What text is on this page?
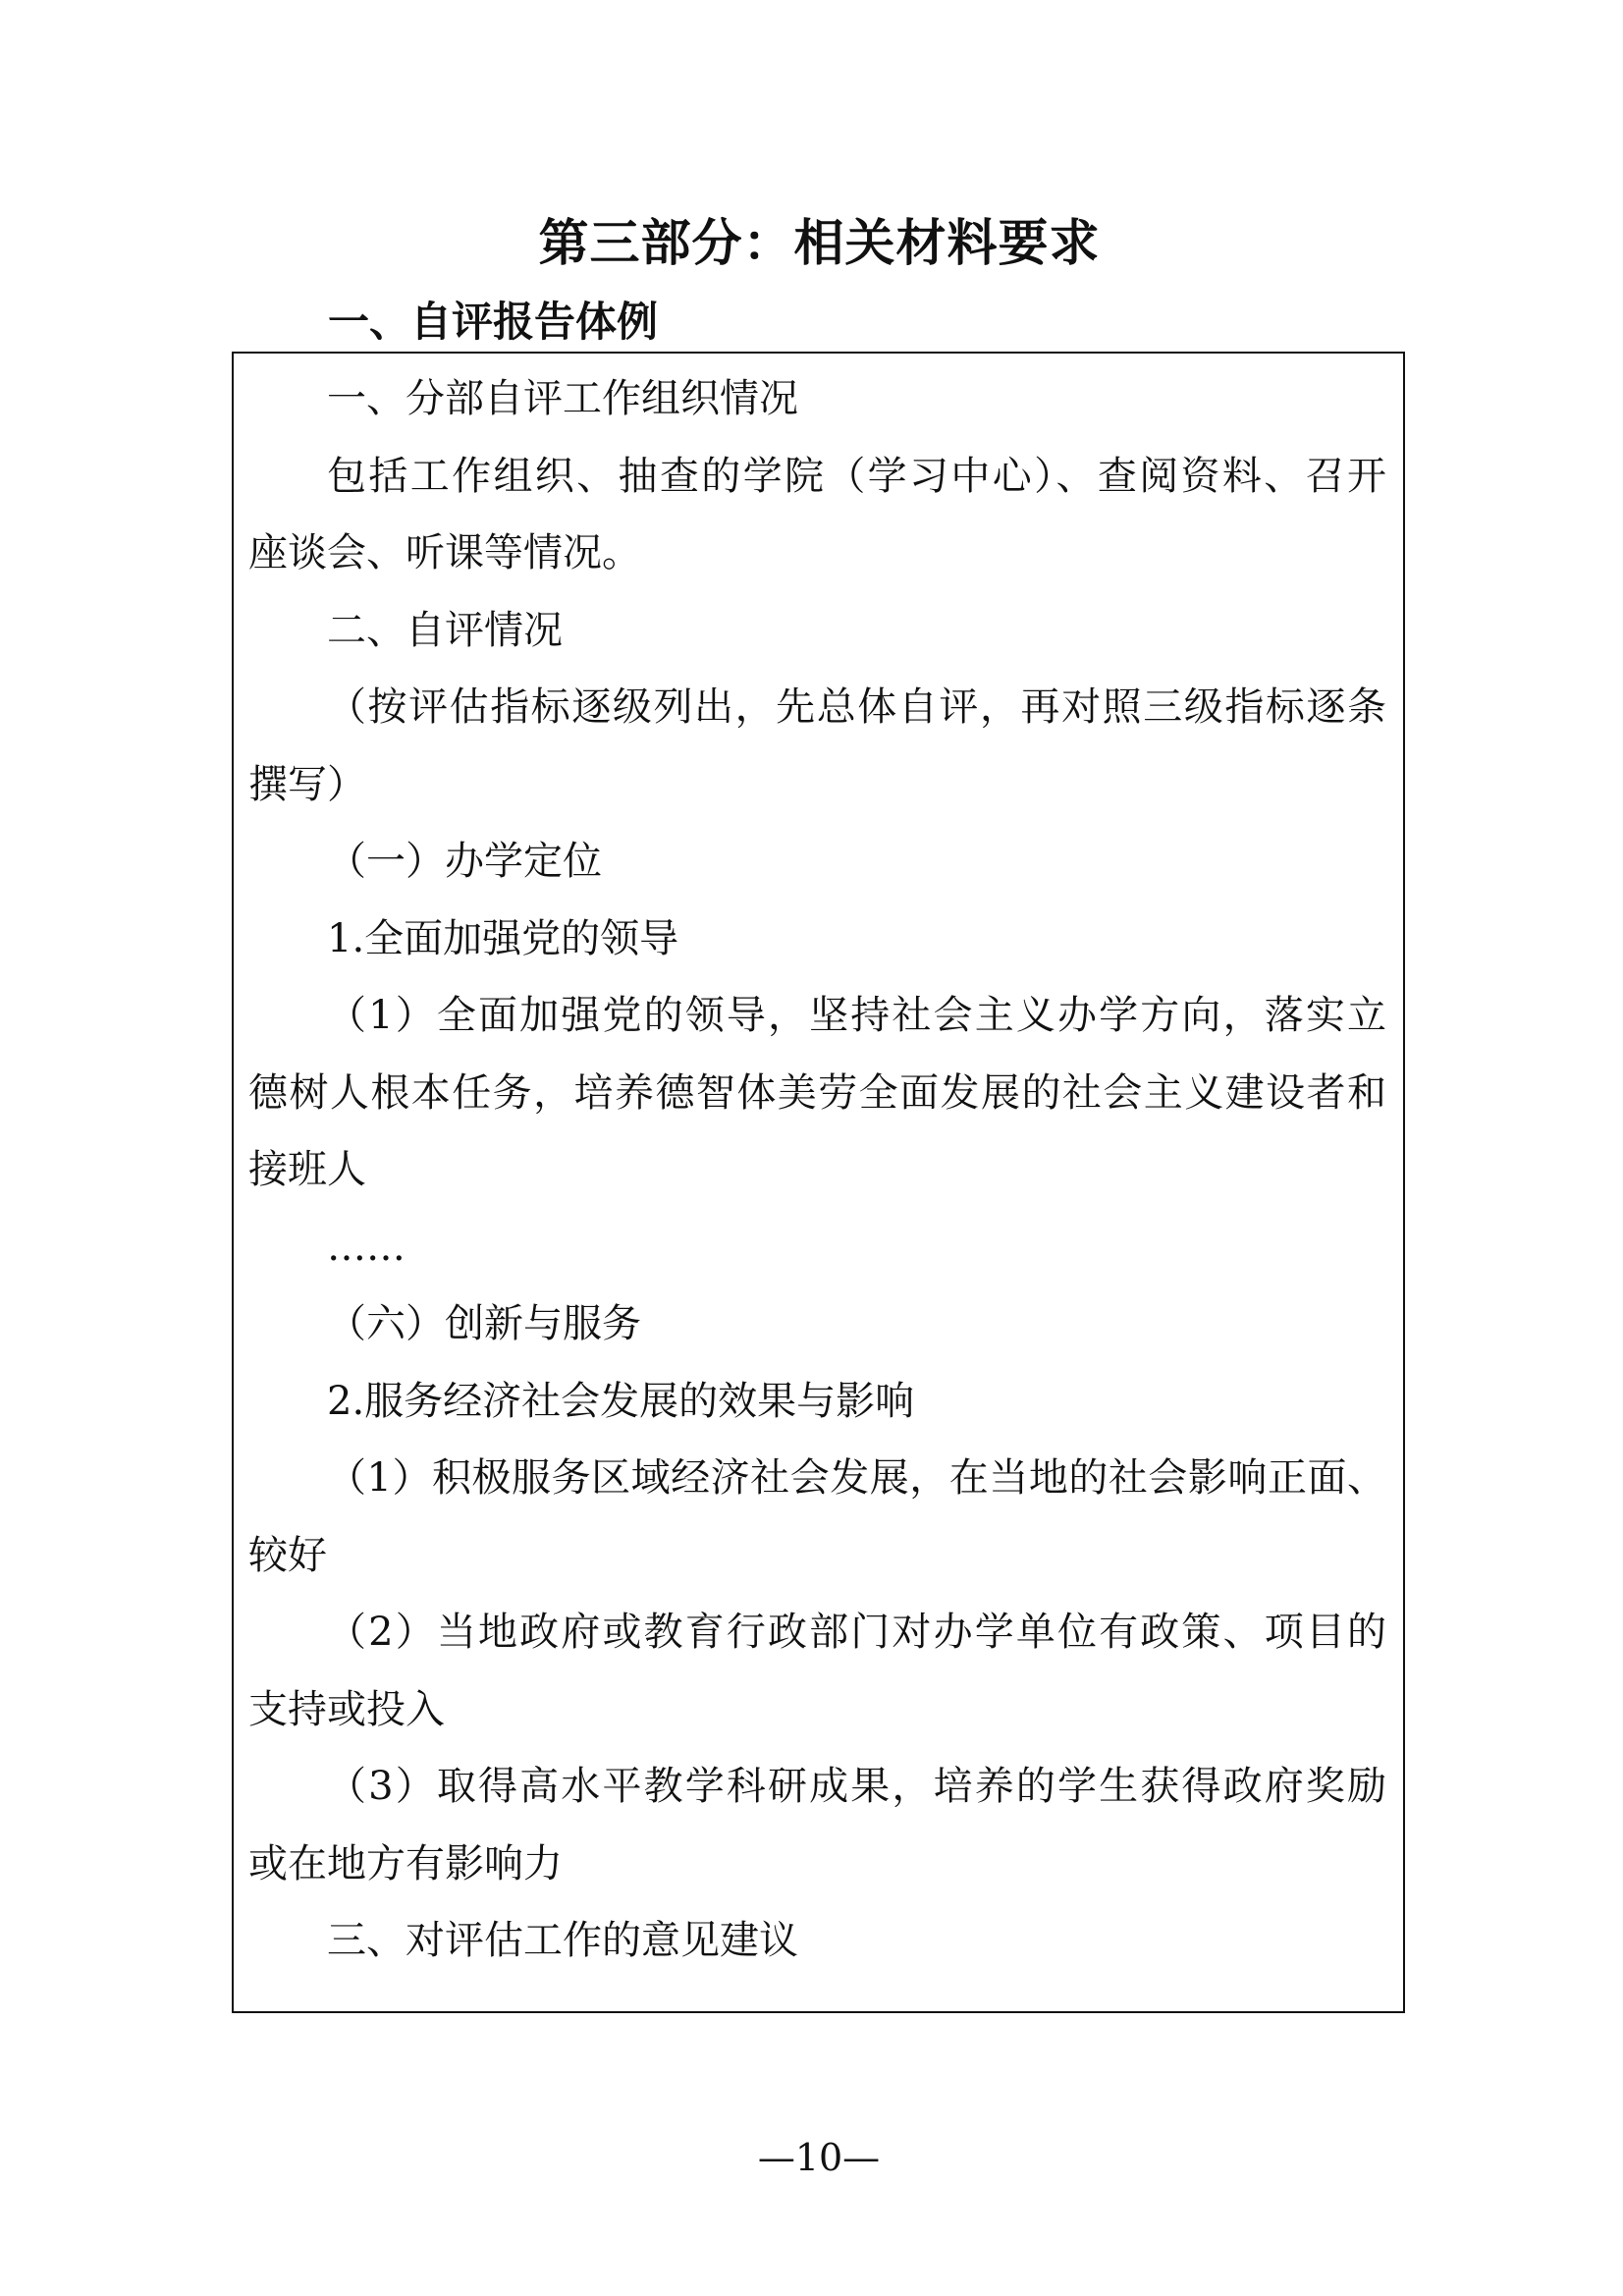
第三部分：相关材料要求
一、自评报告体例
一、分部自评工作组织情况
包括工作组织、抽查的学院（学习中心）、查阅资料、召开
座谈会、听课等情况。
二、自评情况
（按评估指标逐级列出，先总体自评，再对照三级指标逐条
撰写）
（一）办学定位
1.全面加强党的领导
（1）全面加强党的领导，坚持社会主义办学方向，落实立
德树人根本任务，培养德智体美劳全面发展的社会主义建设者和
接班人
……
（六）创新与服务
2.服务经济社会发展的效果与影响
（1）积极服务区域经济社会发展，在当地的社会影响正面、
较好
（2）当地政府或教育行政部门对办学单位有政策、项目的
支持或投入
（3）取得高水平教学科研成果，培养的学生获得政府奖励
或在地方有影响力
三、对评估工作的意见建议
—10—
